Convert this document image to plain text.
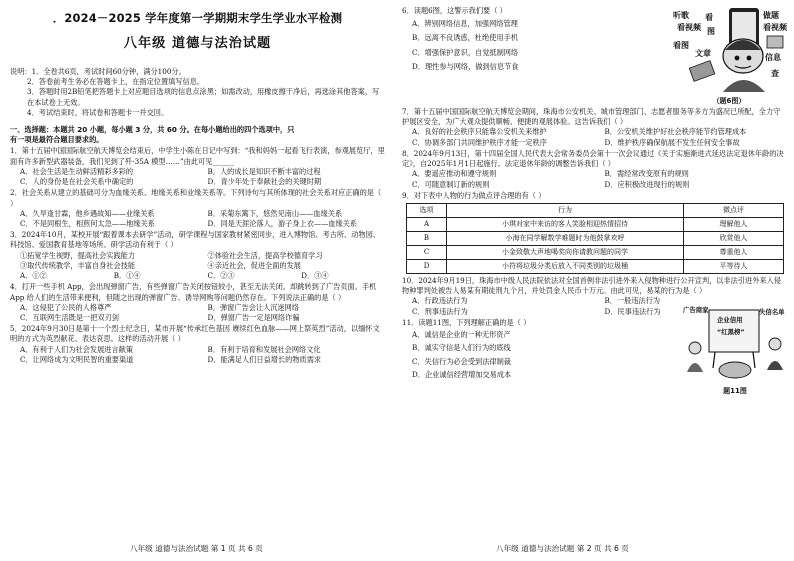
．2024－2025 学年度第一学期期末学生学业水平检测
八年级 道德与法治试题
说明：1．全卷共6页，考试时间60分钟，满分100分。
2．答卷前考生务必在答题卡上，在指定位置填写信息。
3．答题时用2B铅笔把答题卡上对应题目选项的信息点涂黑；如需改动，用橡皮擦干净后，再选涂其他答案，写在本试卷上无效。
4．考试结束时，将试卷和答题卡一并交回。
一、选择题：本题共 20 小题，每小题 3 分，共 60 分。在每小题给出的四个选项中，只
有一项是最符合题目要求的。
1．第十五届中国国际航空航天博览会结束后，中学生小陈在日记中写到：“我和妈妈一起看飞行表演，参观展览厅，里面有许多新型武器装备，我们见到了歼-35A 模型……”由此可见______
A．社会生活是生动鲜活精彩多彩的	B．人的成长是知识不断丰富的过程
C．人的身份是在社会关系中确定的	D．青少年处于奉献社会的关键时期
2．社会关系从建立的基础可分为血缘关系、地缘关系和业缘关系等。下列诗句与其所体现的社会关系对应正确的是（ ）
A．久旱逢甘霖，他乡遇故知——业缘关系	B．采菊东篱下，悠然见南山——血缘关系
C．不是同根生，相煎何太急——地缘关系	D．同是天涯沦落人，游子身上衣——血缘关系
3．2024年10月，某校开展“跟着课本去研学”活动，研学课程与国家教材紧密同步，进入博物馆、考古所、动物园、科技馆、爱国教育基地等场所。研学活动有利于（ ）
①拓宽学生视野，提高社会实践能力	②体验社会生活，提高学校德育学习
③取代传统教学，丰富自身社会技能	④亲近社会，促进全面的发展
A．①②	B．①④	C．②③	D．③④
4．打开一些手机 App，会出现弹窗广告，有些弹窗广告关闭按钮较小，甚至无法关闭，却跳转到了广告页面。手机 App 给人们的生活带来便利，但随之出现的弹窗广告、诱导网购等问题仍然存在。下列说法正确的是（ ）
A．这侵犯了公民的人格尊严	B．弹窗广告会让人沉迷网络
C．互联网生活既是一把双刃剑	D．弹窗广告一定是网络诈骗
5．2024年9月30日是第十一个烈士纪念日，某市开展“传承红色基因 赓续红色血脉——网上祭英烈”活动，以缅怀文明的方式为英烈献花、表达哀思。这样的活动开展（ ）
A．有利于人们为社会发展进言献策	B．有利于培育和发展社会网络文化
C．让网络成为文明民智的重要渠道	D．能满足人们日益增长的物质需求
6．读题6图，这警示我们要（ ）
A．辨别网络信息，加强网络管理
B．远离不良诱惑，杜绝使用手机
C．增强保护意识，自觉抵制网络
D．理性参与网络，做到信息节食
听歌
看视频
看
图
做题
看视频
看图
文章	信息
查
（题6图）
7．第十五届中国国际航空航天博览会期间，珠海市公安机关、城市管理部门、志愿者服务等多方为盛况已所配，全力守护展区安全，为广大观众提供顺畅、便捷的观展体验。这告诉我们（ ）
A．良好的社会秩序只能靠公安机关来维护	B．公安机关维护好社会秩序能节约管理成本
C．协调多部门共同维护秩序才能一定秩序	D．维护秩序确保航展不发生任何安全事故
8．2024年9月13日，第十四届全国人民代表大会常务委员会第十一次会议通过《关于实施渐进式延迟法定退休年龄的决定》，自2025年1月1日起施行。法定退休年龄的调整告诉我们（ ）
A．要遥应推动和遵守规则	B．需经常改变原有的规则
C．可随意制订新的规则	D．应积极改进现行的规则
9．对下表中人物的行为做点评合理的有（ ）
选项	行为	微点评
A	小琪对家中来访的客人笑脸相迎热情招待	理解他人
B	小海在同学解数学难题时为他鼓掌欢呼	欣赏他人
C	小金致敬大声地喝奖向你请教问题的同学	尊重他人
D	小符将垃圾分类后放入不同类别的垃圾桶	平等待人
10．2024年9月19日，珠海市中级人民法院依法对全国首例非法引进外来入侵物种进行公开宣判，以非法引进外来入侵物种罪判处被告人易某有期徒刑九个月，并处罚金人民币十万元。由此可见，易某的行为是（ ）
A．行政违法行为	B．一般违法行为
C．刑事违法行为	D．民事违法行为
11．读题11图，下列理解正确的是（ ）
A．诚信是企业的一种无形资产
B．诚实守信是人们行为的底线
C．失信行为必会受到法律制裁
D．企业诚信经营增加交易成本
企业信用
“红黑榜”
广告商家	失信名单
题11图
八年级 道德与法治试题 第 1 页 共 6 页	八年级 道德与法治试题 第 2 页 共 6 页
